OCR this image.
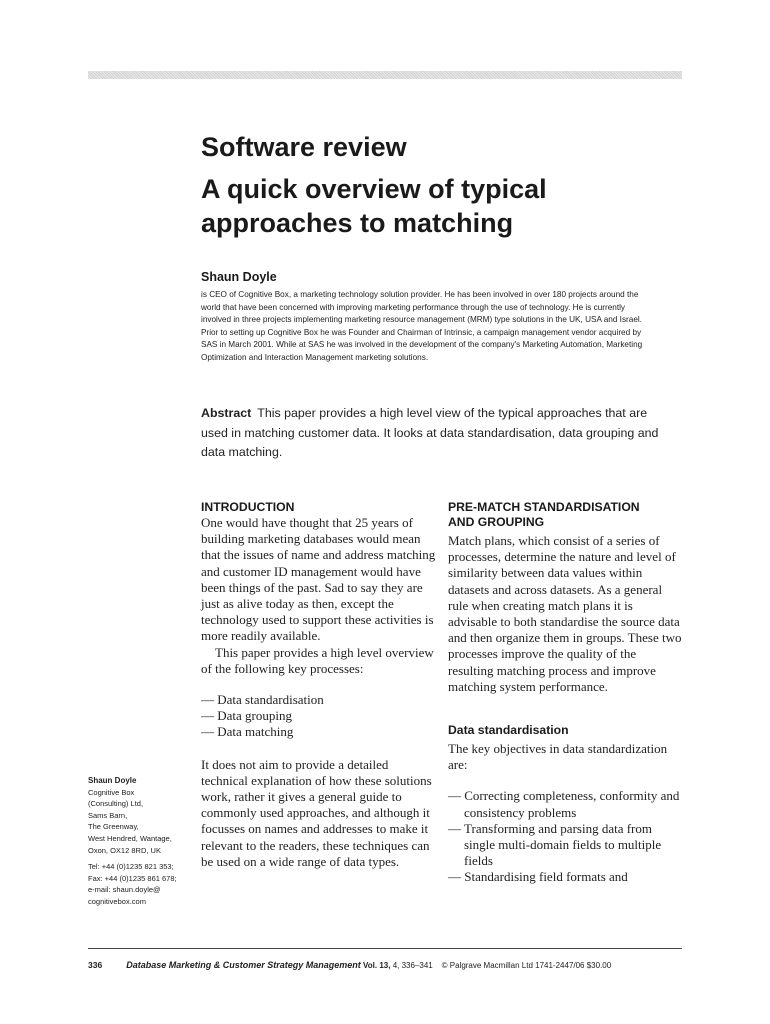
Software review
A quick overview of typical
approaches to matching
Shaun Doyle
is CEO of Cognitive Box, a marketing technology solution provider. He has been involved in over 180 projects around the
world that have been concerned with improving marketing performance through the use of technology. He is currently
involved in three projects implementing marketing resource management (MRM) type solutions in the UK, USA and Israel.
Prior to setting up Cognitive Box he was Founder and Chairman of Intrinsic, a campaign management vendor acquired by
SAS in March 2001. While at SAS he was involved in the development of the company's Marketing Automation, Marketing
Optimization and Interaction Management marketing solutions.
Abstract This paper provides a high level view of the typical approaches that are used in matching customer data. It looks at data standardisation, data grouping and data matching.
INTRODUCTION

One would have thought that 25 years of building marketing databases would mean that the issues of name and address matching and customer ID management would have been things of the past. Sad to say they are just as alive today as then, except the technology used to support these activities is more readily available.

This paper provides a high level overview of the following key processes:

— Data standardisation
— Data grouping
— Data matching

It does not aim to provide a detailed technical explanation of how these solutions work, rather it gives a general guide to commonly used approaches, and although it focusses on names and addresses to make it relevant to the readers, these techniques can be used on a wide range of data types.

PRE-MATCH STANDARDISATION
AND GROUPING

Match plans, which consist of a series of processes, determine the nature and level of similarity between data values within datasets and across datasets. As a general rule when creating match plans it is advisable to both standardise the source data and then organize them in groups. These two processes improve the quality of the resulting matching process and improve matching system performance.

Data standardisation

The key objectives in data standardization are:

— Correcting completeness, conformity and consistency problems
— Transforming and parsing data from single multi-domain fields to multiple fields
— Standardising field formats and
Shaun Doyle
Cognitive Box
(Consulting) Ltd,
Sams Barn,
The Greenway,
West Hendred, Wantage,
Oxon, OX12 8RD, UK
Tel: +44 (0)1235 821 353;
Fax: +44 (0)1235 861 678;
e-mail: shaun.doyle@
cognitivebox.com
336	Database Marketing & Customer Strategy Management Vol. 13, 4, 336–341 © Palgrave Macmillan Ltd 1741-2447/06 $30.00
